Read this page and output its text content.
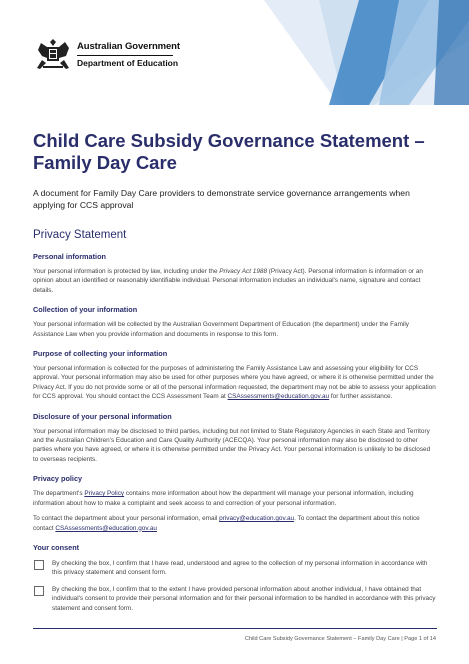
Australian Government
Department of Education
Child Care Subsidy Governance Statement – Family Day Care

A document for Family Day Care providers to demonstrate service governance arrangements when applying for CCS approval

Privacy Statement
Personal information

Your personal information is protected by law, including under the Privacy Act 1988 (Privacy Act). Personal information is information or an opinion about an identified or reasonably identifiable individual. Personal information includes an individual's name, signature and contact details.

Collection of your information

Your personal information will be collected by the Australian Government Department of Education (the department) under the Family Assistance Law when you provide information and documents in response to this form.

Purpose of collecting your information

Your personal information is collected for the purposes of administering the Family Assistance Law and assessing your eligibility for CCS approval. Your personal information may also be used for other purposes where you have agreed, or where it is otherwise permitted under the Privacy Act. If you do not provide some or all of the personal information requested, the department may not be able to assess your application for CCS approval. You should contact the CCS Assessment Team at CSAssessments@education.gov.au for further assistance.

Disclosure of your personal information

Your personal information may be disclosed to third parties, including but not limited to State Regulatory Agencies in each State and Territory and the Australian Children's Education and Care Quality Authority (ACECQA). Your personal information may also be disclosed to other parties where you have agreed, or where it is otherwise permitted under the Privacy Act. Your personal information is unlikely to be disclosed to overseas recipients.

Privacy policy

The department's Privacy Policy contains more information about how the department will manage your personal information, including information about how to make a complaint and seek access to and correction of your personal information.

To contact the department about your personal information, email privacy@education.gov.au. To contact the department about this notice contact CSAssessments@education.gov.au

Your consent
By checking the box, I confirm that I have read, understood and agree to the collection of my personal information in accordance with this privacy statement and consent form.
By checking the box, I confirm that to the extent I have provided personal information about another individual, I have obtained that individual's consent to provide their personal information and for their personal information to be handled in accordance with this privacy statement and consent form.
Child Care Subsidy Governance Statement – Family Day Care | Page 1 of 14
